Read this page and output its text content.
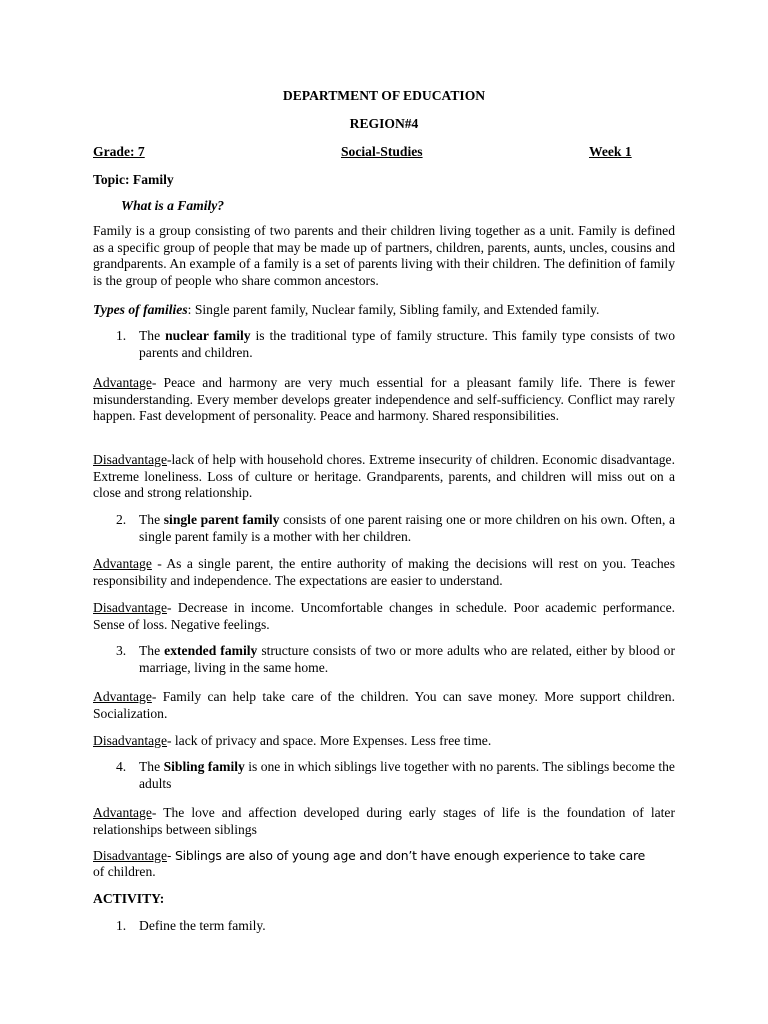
DEPARTMENT OF EDUCATION
REGION#4
Grade: 7	Social-Studies	Week 1
Topic: Family
What is a Family?
Family is a group consisting of two parents and their children living together as a unit. Family is defined as a specific group of people that may be made up of partners, children, parents, aunts, uncles, cousins and grandparents. An example of a family is a set of parents living with their children. The definition of family is the group of people who share common ancestors.
Types of families: Single parent family, Nuclear family, Sibling family, and Extended family.
1. The nuclear family is the traditional type of family structure. This family type consists of two parents and children.
Advantage- Peace and harmony are very much essential for a pleasant family life. There is fewer misunderstanding. Every member develops greater independence and self-sufficiency. Conflict may rarely happen. Fast development of personality. Peace and harmony. Shared responsibilities.
Disadvantage-lack of help with household chores. Extreme insecurity of children. Economic disadvantage. Extreme loneliness. Loss of culture or heritage. Grandparents, parents, and children will miss out on a close and strong relationship.
2. The single parent family consists of one parent raising one or more children on his own. Often, a single parent family is a mother with her children.
Advantage - As a single parent, the entire authority of making the decisions will rest on you. Teaches responsibility and independence. The expectations are easier to understand.
Disadvantage- Decrease in income. Uncomfortable changes in schedule. Poor academic performance. Sense of loss. Negative feelings.
3. The extended family structure consists of two or more adults who are related, either by blood or marriage, living in the same home.
Advantage- Family can help take care of the children. You can save money. More support children. Socialization.
Disadvantage- lack of privacy and space. More Expenses. Less free time.
4. The Sibling family is one in which siblings live together with no parents. The siblings become the adults
Advantage- The love and affection developed during early stages of life is the foundation of later relationships between siblings
Disadvantage- Siblings are also of young age and don’t have enough experience to take care
of children.
ACTIVITY:
1. Define the term family.
